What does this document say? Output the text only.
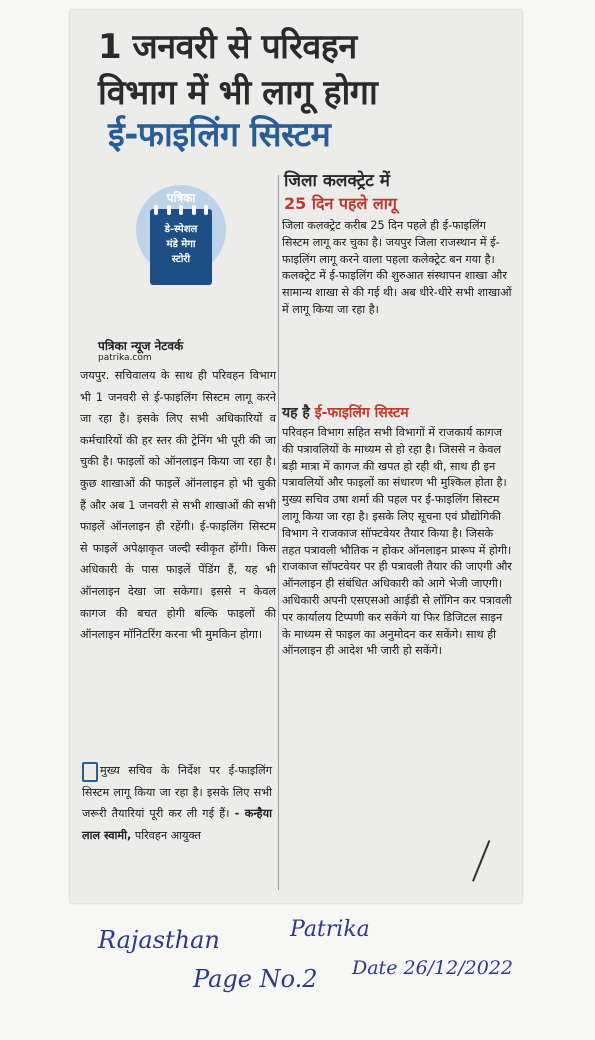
1 जनवरी से परिवहन
विभाग में भी लागू होगा
ई-फाइलिंग सिस्टम
पत्रिका
डे-स्पेशल
मंडे मेगा
स्टोरी
पत्रिका न्यूज नेटवर्क
patrika.com

जयपुर. सचिवालय के साथ ही परिवहन विभाग भी 1 जनवरी से ई-फाइलिंग सिस्टम लागू करने जा रहा है। इसके लिए सभी अधिकारियों व कर्मचारियों की हर स्तर की ट्रेनिंग भी पूरी की जा चुकी है। फाइलों को ऑनलाइन किया जा रहा है। कुछ शाखाओं की फाइलें ऑनलाइन हो भी चुकी हैं और अब 1 जनवरी से सभी शाखाओं की सभी फाइलें ऑनलाइन ही रहेंगी। ई-फाइलिंग सिस्टम से फाइलें अपेक्षाकृत जल्दी स्वीकृत होंगी। किस अधिकारी के पास फाइलें पेंडिंग हैं, यह भी ऑनलाइन देखा जा सकेगा। इससे न केवल कागज की बचत होगी बल्कि फाइलों की ऑनलाइन मॉनिटरिंग करना भी मुमकिन होगा।

मुख्य सचिव के निर्देश पर ई-फाइलिंग सिस्टम लागू किया जा रहा है। इसके लिए सभी जरूरी तैयारियां पूरी कर ली गई हैं। - कन्हैया लाल स्वामी, परिवहन आयुक्त

जिला कलक्ट्रेट में
25 दिन पहले लागू

जिला कलक्ट्रेट करीब 25 दिन पहले ही ई-फाइलिंग सिस्टम लागू कर चुका है। जयपुर जिला राजस्थान में ई-फाइलिंग लागू करने वाला पहला कलेक्ट्रेट बन गया है। कलक्ट्रेट में ई-फाइलिंग की शुरुआत संस्थापन शाखा और सामान्य शाखा से की गई थी। अब धीरे-धीरे सभी शाखाओं में लागू किया जा रहा है।

यह है ई-फाइलिंग सिस्टम

परिवहन विभाग सहित सभी विभागों में राजकार्य कागज की पत्रावलियों के माध्यम से हो रहा है। जिससे न केवल बड़ी मात्रा में कागज की खपत हो रही थी, साथ ही इन पत्रावलियों और फाइलों का संधारण भी मुश्किल होता है। मुख्य सचिव उषा शर्मा की पहल पर ई-फाइलिंग सिस्टम लागू किया जा रहा है। इसके लिए सूचना एवं प्रौद्योगिकी विभाग ने राजकाज सॉफ्टवेयर तैयार किया है। जिसके तहत पत्रावली भौतिक न होकर ऑनलाइन प्रारूप में होगी। राजकाज सॉफ्टवेयर पर ही पत्रावली तैयार की जाएगी और ऑनलाइन ही संबंधित अधिकारी को आगे भेजी जाएगी। अधिकारी अपनी एसएसओ आईडी से लॉगिन कर पत्रावली पर कार्यालय टिप्पणी कर सकेंगे या फिर डिजिटल साइन के माध्यम से फाइल का अनुमोदन कर सकेंगे। साथ ही ऑनलाइन ही आदेश भी जारी हो सकेंगे।

Rajasthan	Patrika
Page No.2 Date 26/12/2022
